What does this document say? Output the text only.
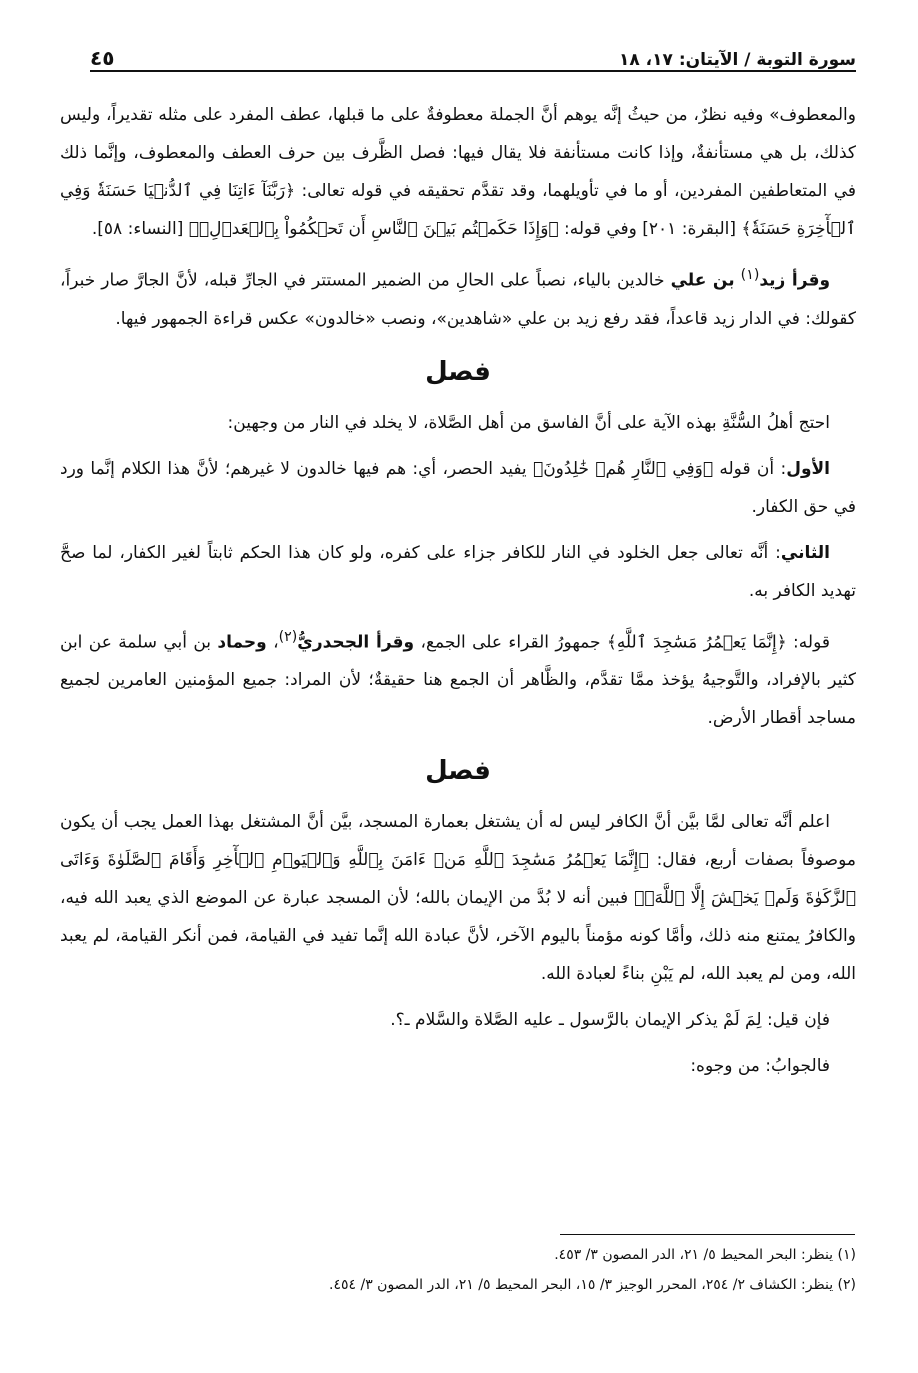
سورة التوبة / الآيتان: ١٧، ١٨
٤٥

والمعطوف» وفيه نظرٌ، من حيثُ إنَّه يوهم أنَّ الجملة معطوفةٌ على ما قبلها، عطف المفرد على مثله تقديراً، وليس كذلك، بل هي مستأنفةٌ، وإذا كانت مستأنفة فلا يقال فيها: فصل الظَّرف بين حرف العطف والمعطوف، وإنَّما ذلك في المتعاطفين المفردين، أو ما في تأويلهما، وقد تقدَّم تحقيقه في قوله تعالى: ﴿رَبَّنَآ ءَاتِنَا فِي ٱلدُّنۡيَا حَسَنَةٗ وَفِي ٱلۡأٓخِرَةِ حَسَنَةٗ﴾ [البقرة: ٢٠١] وفي قوله: ﴿وَإِذَا حَكَمۡتُم بَيۡنَ ٱلنَّاسِ أَن تَحۡكُمُواْ بِٱلۡعَدۡلِۚ﴾ [النساء: ٥٨].

وقرأ زيد$^{(١)}$ بن علي خالدين بالياء، نصباً على الحالِ من الضمير المستتر في الجارِّ قبله، لأنَّ الجارَّ صار خبراً، كقولك: في الدار زيد قاعداً، فقد رفع زيد بن علي «شاهدين»، ونصب «خالدون» عكس قراءة الجمهور فيها.

فصل

احتج أهلُ السُّنَّةِ بهذه الآية على أنَّ الفاسق من أهل الصَّلاة، لا يخلد في النار من وجهين:

الأول: أن قوله ﴿وَفِي ٱلنَّارِ هُمۡ خَٰلِدُونَ﴾ يفيد الحصر، أي: هم فيها خالدون لا غيرهم؛ لأنَّ هذا الكلام إنَّما ورد في حق الكفار.

الثاني: أنَّه تعالى جعل الخلود في النار للكافر جزاء على كفره، ولو كان هذا الحكم ثابتاً لغير الكفار، لما صحَّ تهديد الكافر به.

قوله: ﴿إِنَّمَا يَعۡمُرُ مَسَٰجِدَ ٱللَّهِ﴾ جمهورُ القراء على الجمع، وقرأ الجحدريُّ$^{(٢)}$، وحماد بن أبي سلمة عن ابن كثير بالإفراد، والتَّوجيهُ يؤخذ ممَّا تقدَّم، والظَّاهر أن الجمع هنا حقيقةٌ؛ لأن المراد: جميع المؤمنين العامرين لجميع مساجد أقطار الأرض.

فصل

اعلم أنَّه تعالى لمَّا بيَّن أنَّ الكافر ليس له أن يشتغل بعمارة المسجد، بيَّن أنَّ المشتغل بهذا العمل يجب أن يكون موصوفاً بصفات أربع، فقال: ﴿إِنَّمَا يَعۡمُرُ مَسَٰجِدَ ٱللَّهِ مَنۡ ءَامَنَ بِٱللَّهِ وَٱلۡيَوۡمِ ٱلۡأٓخِرِ وَأَقَامَ ٱلصَّلَوٰةَ وَءَاتَى ٱلزَّكَوٰةَ وَلَمۡ يَخۡشَ إِلَّا ٱللَّهَۖ﴾ فبين أنه لا بُدَّ من الإيمان بالله؛ لأن المسجد عبارة عن الموضع الذي يعبد الله فيه، والكافرُ يمتنع منه ذلك، وأمَّا كونه مؤمناً باليوم الآخر، لأنَّ عبادة الله إنَّما تفيد في القيامة، فمن أنكر القيامة، لم يعبد الله، ومن لم يعبد الله، لم يَبْنِ بناءً لعبادة الله.

فإن قيل: لِمَ لَمْ يذكر الإيمان بالرَّسول ـ عليه الصَّلاة والسَّلام ـ؟.

فالجوابُ: من وجوه:

(١) ينظر: البحر المحيط ٥/ ٢١، الدر المصون ٣/ ٤٥٣.

(٢) ينظر: الكشاف ٢/ ٢٥٤، المحرر الوجيز ٣/ ١٥، البحر المحيط ٥/ ٢١، الدر المصون ٣/ ٤٥٤.
